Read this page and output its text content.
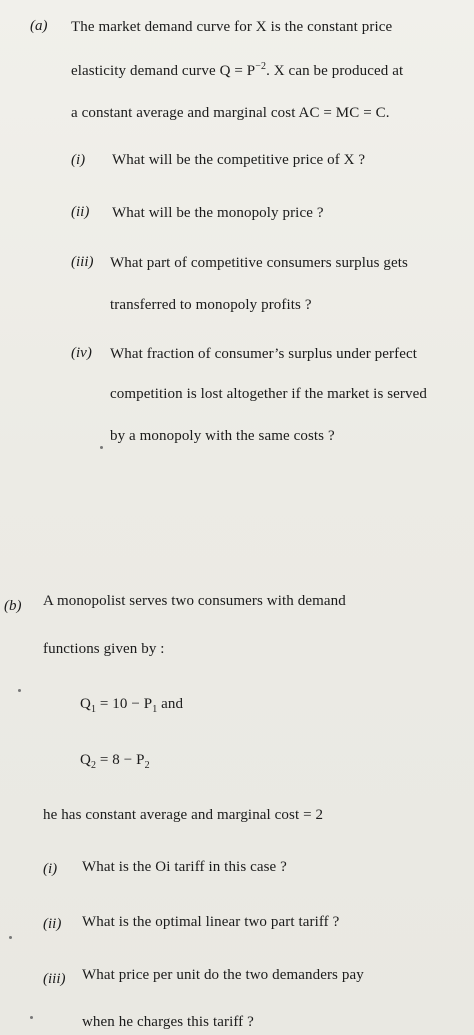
(a) The market demand curve for X is the constant price
elasticity demand curve $Q = P^{-2}$. X can be produced at
a constant average and marginal cost AC = MC = C.
(i) What will be the competitive price of X ?
(ii) What will be the monopoly price ?
(iii) What part of competitive consumers surplus gets
transferred to monopoly profits ?
(iv) What fraction of consumer’s surplus under perfect
competition is lost altogether if the market is served
by a monopoly with the same costs ?
(b) A monopolist serves two consumers with demand
functions given by :
$Q_1 = 10 - P_1$ and
$Q_2 = 8 - P_2$
he has constant average and marginal cost = 2
(i) What is the Oi tariff in this case ?
(ii) What is the optimal linear two part tariff ?
(iii) What price per unit do the two demanders pay
when he charges this tariff ?
